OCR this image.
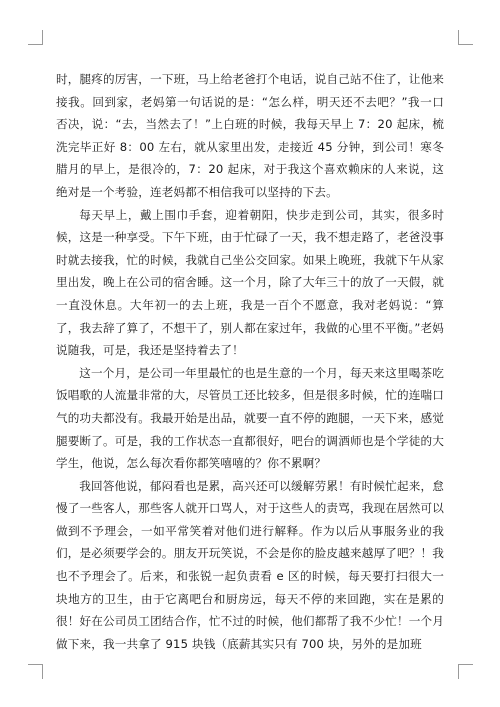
时，腿疼的厉害，一下班，马上给老爸打个电话，说自己站不住了，让他来接我。回到家，老妈第一句话说的是：“怎么样，明天还不去吧？”我一口否决，说：“去，当然去了！”上白班的时候，我每天早上 7：20 起床，梳洗完毕正好 8：00 左右，就从家里出发，走接近 45 分钟，到公司！寒冬腊月的早上，是很冷的，7：20 起床，对于我这个喜欢赖床的人来说，这绝对是一个考验，连老妈都不相信我可以坚持的下去。

每天早上，戴上围巾手套，迎着朝阳，快步走到公司，其实，很多时候，这是一种享受。下午下班，由于忙碌了一天，我不想走路了，老爸没事时就去接我，忙的时候，我就自己坐公交回家。如果上晚班，我就下午从家里出发，晚上在公司的宿舍睡。这一个月，除了大年三十的放了一天假，就一直没休息。大年初一的去上班，我是一百个不愿意，我对老妈说：“算了，我去辞了算了，不想干了，别人都在家过年，我做的心里不平衡。”老妈说随我，可是，我还是坚持着去了！

这一个月，是公司一年里最忙的也是生意的一个月，每天来这里喝茶吃饭唱歌的人流量非常的大，尽管员工还比较多，但是很多时候，忙的连喘口气的功夫都没有。我最开始是出品，就要一直不停的跑腿，一天下来，感觉腿要断了。可是，我的工作状态一直都很好，吧台的调酒师也是个学徒的大学生，他说，怎么每次看你都笑嘻嘻的？你不累啊？

我回答他说，郁闷看也是累，高兴还可以缓解劳累！有时候忙起来，怠慢了一些客人，那些客人就开口骂人，对于这些人的责骂，我现在居然可以做到不予理会，一如平常笑着对他们进行解释。作为以后从事服务业的我们，是必须要学会的。朋友开玩笑说，不会是你的脸皮越来越厚了吧？！我也不予理会了。后来，和张锐一起负责看 e 区的时候，每天要打扫很大一块地方的卫生，由于它离吧台和厨房远，每天不停的来回跑，实在是累的很！好在公司员工团结合作，忙不过的时候，他们都帮了我不少忙！一个月做下来，我一共拿了 915 块钱（底薪其实只有 700 块，另外的是加班
